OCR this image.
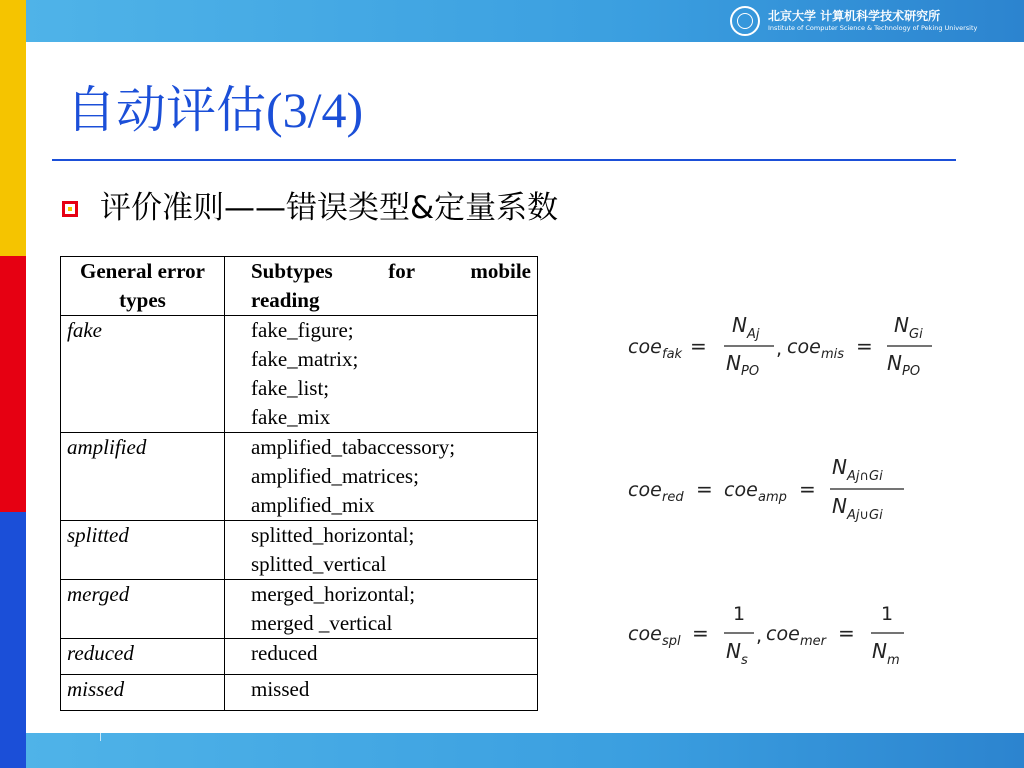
北京大学 计算机科学技术研究所
Institute of Computer Science & Technology of Peking University
自动评估(3/4)
评价准则——错误类型&定量系数
General error types	Subtypes for mobile
reading

fake	fake_figure;
fake_matrix;
fake_list;
fake_mix

amplified	amplified_tabaccessory;
amplified_matrices;
amplified_mix

splitted	splitted_horizontal;
splitted_vertical

merged	merged_horizontal;
merged _vertical

reduced	reduced

missed	missed
coe fak =
N Aj
N PO
, coe mis =
N Gi
N PO
coe red = coe amp =
N Aj∩Gi
N Aj∪Gi
coe spl =
1
N s
, coe mer =
1
N m
